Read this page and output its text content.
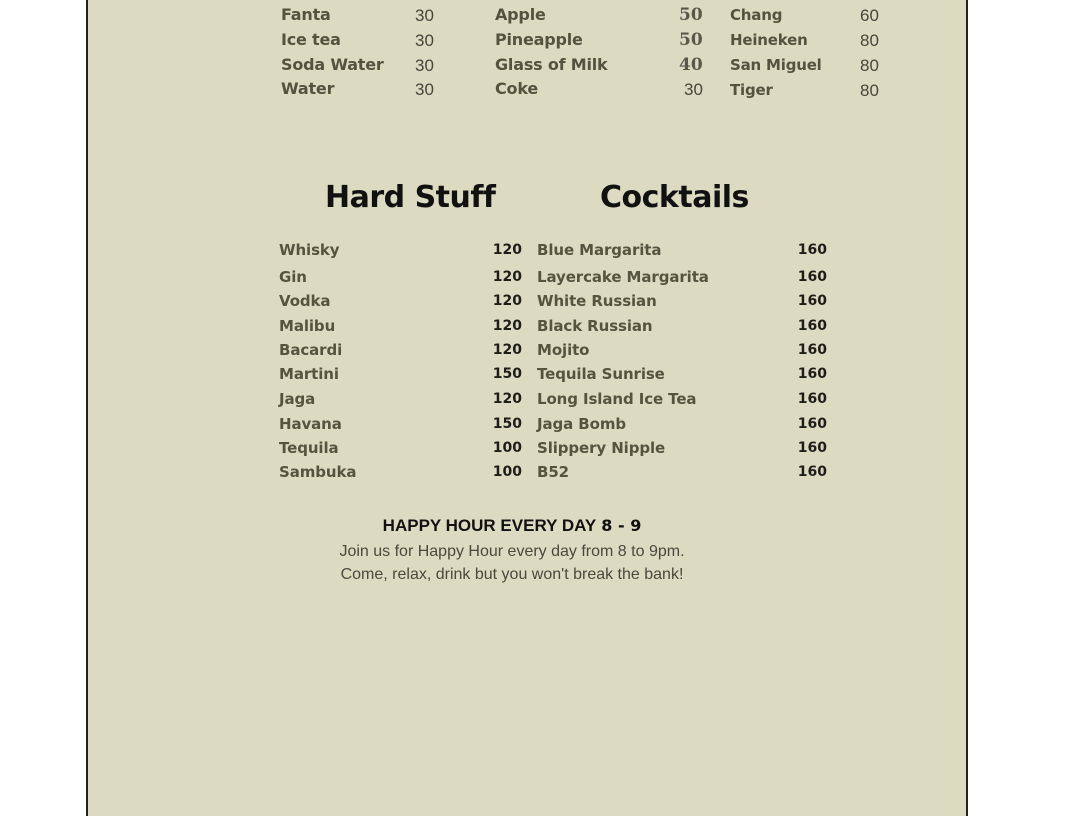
Fanta	30
Ice tea	30
Soda Water 30
Water	30
Apple	50
Pineapple	50
Glass of Milk	40
Coke	30
Chang	60
Heineken	80
San Miguel 80
Tiger	80
Hard Stuff	Cocktails
Whisky	120
Gin	120
Vodka	120
Malibu	120
Bacardi	120
Martini	150
Jaga	120
Havana	150
Tequila	100
Sambuka	100
Blue Margarita	160
Layercake Margarita	160
White Russian	160
Black Russian	160
Mojito	160
Tequila Sunrise	160
Long Island Ice Tea	160
Jaga Bomb	160
Slippery Nipple	160
B52	160
HAPPY HOUR EVERY DAY 8 - 9
Join us for Happy Hour every day from 8 to 9pm.
Come, relax, drink but you won't break the bank!
